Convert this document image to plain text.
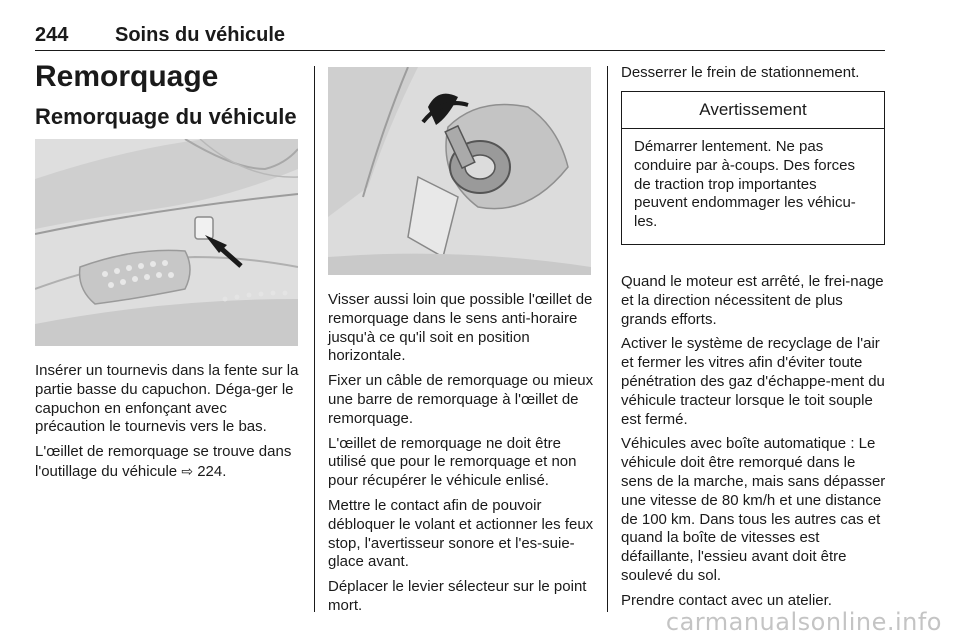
244 Soins du véhicule
Remorquage
Remorquage du véhicule

Insérer un tournevis dans la fente sur la partie basse du capuchon. Déga-ger le capuchon en enfonçant avec précaution le tournevis vers le bas.

L'œillet de remorquage se trouve dans l'outillage du véhicule ⇨ 224.

Visser aussi loin que possible l'œillet de remorquage dans le sens anti-horaire jusqu'à ce qu'il soit en position horizontale.

Fixer un câble de remorquage ou mieux une barre de remorquage à l'œillet de remorquage.

L'œillet de remorquage ne doit être utilisé que pour le remorquage et non pour récupérer le véhicule enlisé.

Mettre le contact afin de pouvoir débloquer le volant et actionner les feux stop, l'avertisseur sonore et l'es-suie-glace avant.

Déplacer le levier sélecteur sur le point mort.

Desserrer le frein de stationnement.

Quand le moteur est arrêté, le frei-nage et la direction nécessitent de plus grands efforts.

Activer le système de recyclage de l'air et fermer les vitres afin d'éviter toute pénétration des gaz d'échappe-ment du véhicule tracteur lorsque le toit souple est fermé.

Véhicules avec boîte automatique : Le véhicule doit être remorqué dans le sens de la marche, mais sans dépasser une vitesse de 80 km/h et une distance de 100 km. Dans tous les autres cas et quand la boîte de vitesses est défaillante, l'essieu avant doit être soulevé du sol.

Prendre contact avec un atelier.

Avertissement
Démarrer lentement. Ne pas conduire par à-coups. Des forces de traction trop importantes peuvent endommager les véhicu-les.
carmanualsonline.info
